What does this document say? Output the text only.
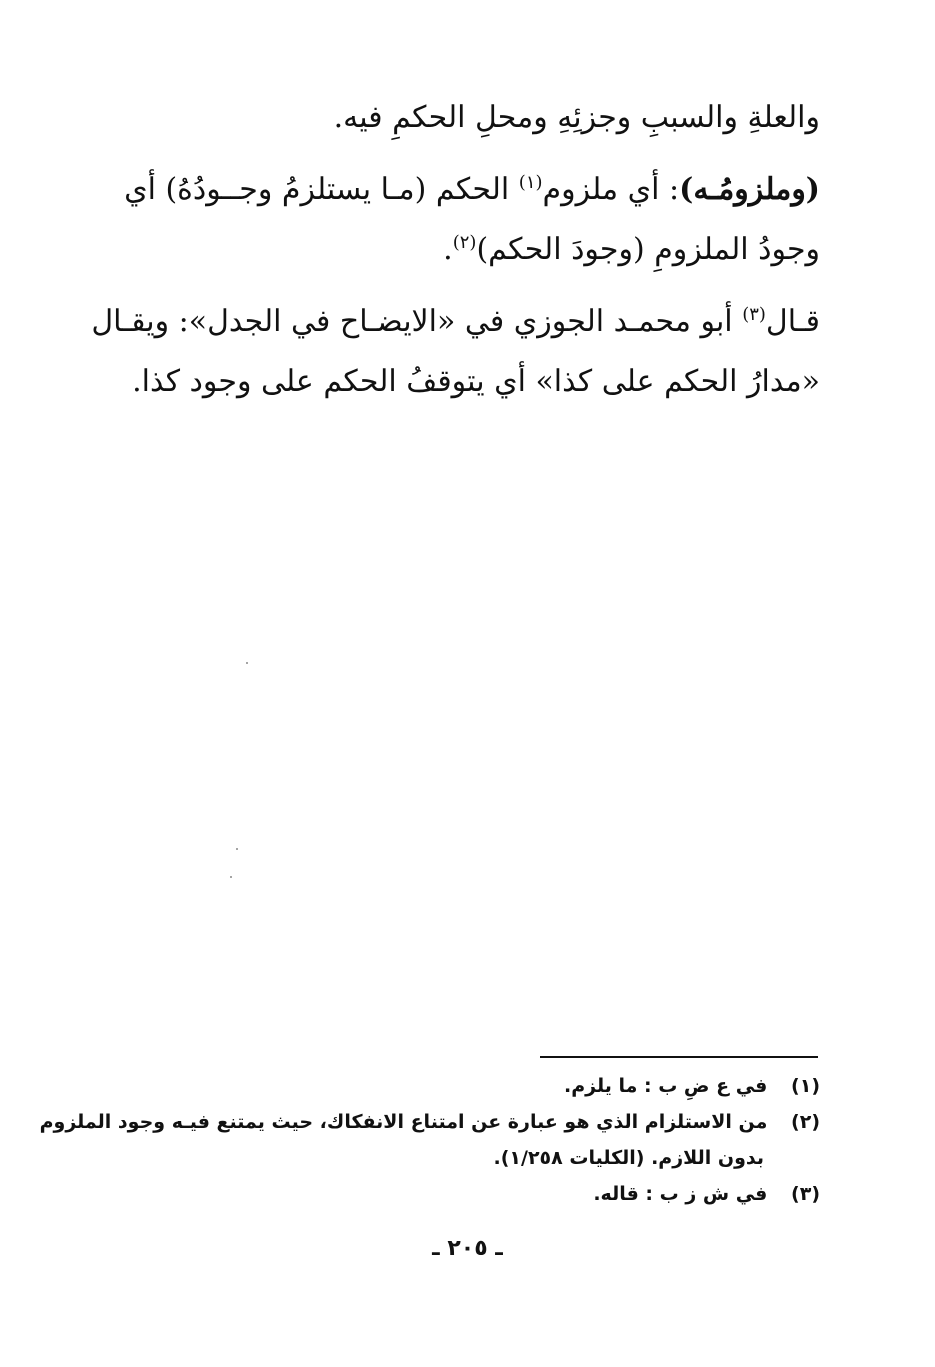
والعلةِ والسببِ وجزئِهِ ومحلِ الحكمِ فيه.
(وملزومُـه): أي ملزوم$^{(١)}$ الحكم (مـا يستلزمُ وجــودُهُ) أي
وجودُ الملزومِ (وجودَ الحكم)$^{(٢)}$.
قـال$^{(٣)}$ أبو محمـد الجوزي في «الايضـاح في الجدل»: ويقـال
«مدارُ الحكم على كذا» أي يتوقفُ الحكم على وجود كذا.
(١) في ع ضِ ب : ما يلزم.
(٢) من الاستلزام الذي هو عبارة عن امتناع الانفكاك، حيث يمتنع فيـه وجود الملزوم
بدون اللازم. (الكليات ١/٢٥٨).
(٣) في ش ز ب : قاله.
ـ ٢٠٥ ـ
